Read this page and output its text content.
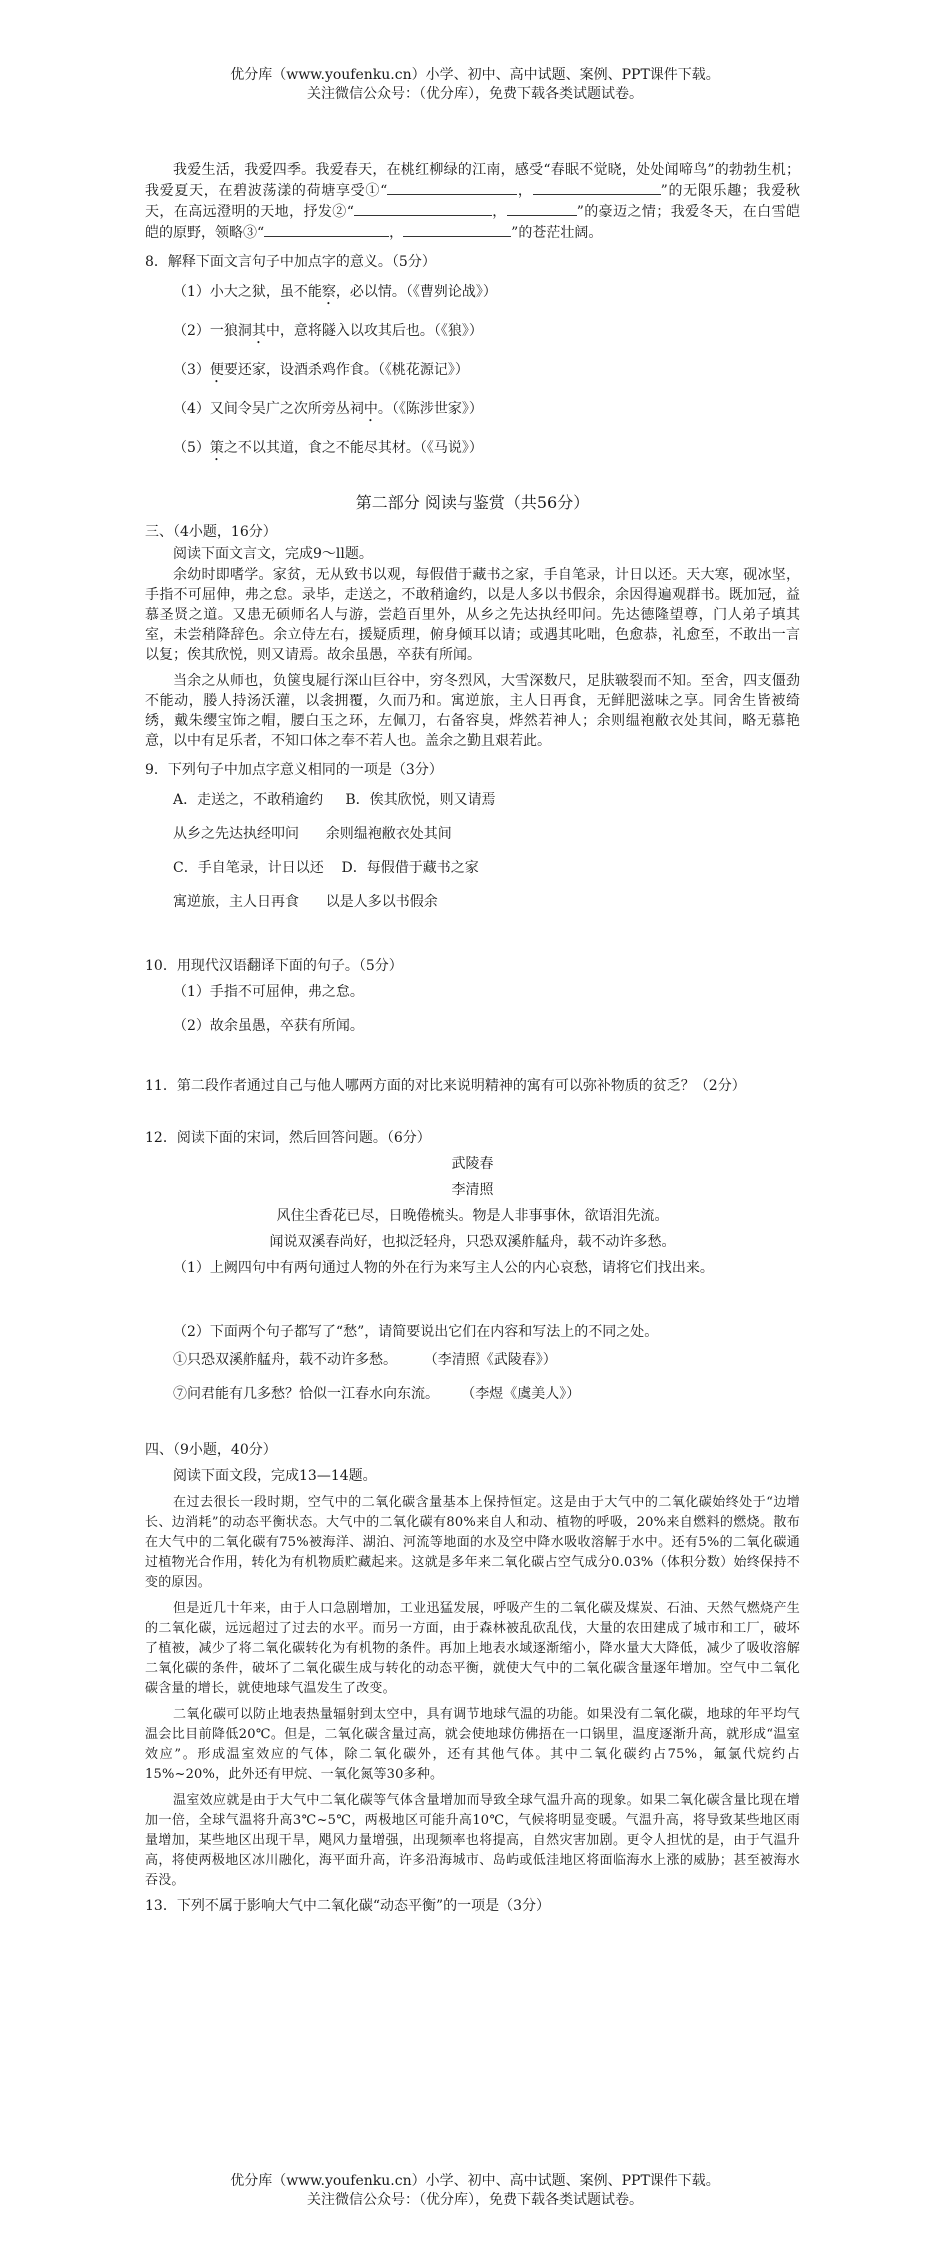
优分库（www.youfenku.cn）小学、初中、高中试题、案例、PPT课件下载。

关注微信公众号：（优分库），免费下载各类试题试卷。

我爱生活，我爱四季。我爱春天，在桃红柳绿的江南，感受“春眠不觉晓，处处闻啼鸟”的勃勃生机；我爱夏天，在碧波荡漾的荷塘享受①“	，	”的无限乐趣；我爱秋天，在高远澄明的天地，抒发②“	，	”的豪迈之情；我爱冬天，在白雪皑皑的原野，领略③“	，	”的苍茫壮阔。

8．解释下面文言句子中加点字的意义。（5分）

（1）小大之狱，虽不能察，必以情。（《曹刿论战》）

（2）一狼洞其中，意将隧入以攻其后也。（《狼》）

（3）便要还家，设酒杀鸡作食。（《桃花源记》）

（4）又间令吴广之次所旁丛祠中。（《陈涉世家》）

（5）策之不以其道，食之不能尽其材。（《马说》）

第二部分 阅读与鉴赏（共56分）

三、（4小题，16分）

阅读下面文言文，完成9～ll题。

余幼时即嗜学。家贫，无从致书以观，每假借于藏书之家，手自笔录，计日以还。天大寒，砚冰坚，手指不可屈伸，弗之怠。录毕，走送之，不敢稍逾约，以是人多以书假余，余因得遍观群书。既加冠，益慕圣贤之道。又患无硕师名人与游，尝趋百里外，从乡之先达执经叩问。先达德隆望尊，门人弟子填其室，未尝稍降辞色。余立侍左右，援疑质理，俯身倾耳以请；或遇其叱咄，色愈恭，礼愈至，不敢出一言以复；俟其欣悦，则又请焉。故余虽愚，卒获有所闻。

当余之从师也，负箧曳屣行深山巨谷中，穷冬烈风，大雪深数尺，足肤皲裂而不知。至舍，四支僵劲不能动，媵人持汤沃灌，以衾拥覆，久而乃和。寓逆旅，主人日再食，无鲜肥滋味之享。同舍生皆被绮绣，戴朱缨宝饰之帽，腰白玉之环，左佩刀，右备容臭，烨然若神人；余则缊袍敝衣处其间，略无慕艳意，以中有足乐者，不知口体之奉不若人也。盖余之勤且艰若此。

9．下列句子中加点字意义相同的一项是（3分）

A．走送之，不敢稍逾约 B．俟其欣悦，则又请焉

从乡之先达执经叩问 余则缊袍敝衣处其间

C．手自笔录，计日以还 D．每假借于藏书之家

寓逆旅，主人日再食 以是人多以书假余

10．用现代汉语翻译下面的句子。（5分）

（1）手指不可屈伸，弗之怠。

（2）故余虽愚，卒获有所闻。

11．第二段作者通过自己与他人哪两方面的对比来说明精神的寓有可以弥补物质的贫乏？（2分）

12．阅读下面的宋词，然后回答问题。（6分）

武陵春

李清照

风住尘香花已尽，日晚倦梳头。物是人非事事休，欲语泪先流。

闻说双溪春尚好，也拟泛轻舟，只恐双溪舴艋舟，载不动许多愁。

（1）上阙四句中有两句通过人物的外在行为来写主人公的内心哀愁，请将它们找出来。

（2）下面两个句子都写了“愁”，请简要说出它们在内容和写法上的不同之处。

①只恐双溪舴艋舟，载不动许多愁。 （李清照《武陵春》）

⑦问君能有几多愁？恰似一江春水向东流。 （李煜《虞美人》）

四、（9小题，40分）

阅读下面文段，完成13—14题。

在过去很长一段时期，空气中的二氧化碳含量基本上保持恒定。这是由于大气中的二氧化碳始终处于“边增长、边消耗”的动态平衡状态。大气中的二氧化碳有80%来自人和动、植物的呼吸，20%来自燃料的燃烧。散布在大气中的二氧化碳有75%被海洋、湖泊、河流等地面的水及空中降水吸收溶解于水中。还有5%的二氧化碳通过植物光合作用，转化为有机物质贮藏起来。这就是多年来二氧化碳占空气成分0.03%（体积分数）始终保持不变的原因。

但是近几十年来，由于人口急剧增加，工业迅猛发展，呼吸产生的二氧化碳及煤炭、石油、天然气燃烧产生的二氧化碳，远远超过了过去的水平。而另一方面，由于森林被乱砍乱伐，大量的农田建成了城市和工厂，破坏了植被，减少了将二氧化碳转化为有机物的条件。再加上地表水域逐渐缩小，降水量大大降低，减少了吸收溶解二氧化碳的条件，破坏了二氧化碳生成与转化的动态平衡，就使大气中的二氧化碳含量逐年增加。空气中二氧化碳含量的增长，就使地球气温发生了改变。

二氧化碳可以防止地表热量辐射到太空中，具有调节地球气温的功能。如果没有二氧化碳，地球的年平均气温会比目前降低20℃。但是，二氧化碳含量过高，就会使地球仿佛捂在一口锅里，温度逐渐升高，就形成“温室效应”。形成温室效应的气体，除二氧化碳外，还有其他气体。其中二氧化碳约占75%，氟氯代烷约占15%~20%，此外还有甲烷、一氧化氮等30多种。

温室效应就是由于大气中二氧化碳等气体含量增加而导致全球气温升高的现象。如果二氧化碳含量比现在增加一倍，全球气温将升高3℃~5℃，两极地区可能升高10℃，气候将明显变暖。气温升高，将导致某些地区雨量增加，某些地区出现干旱，飓风力量增强，出现频率也将提高，自然灾害加剧。更令人担忧的是，由于气温升高，将使两极地区冰川融化，海平面升高，许多沿海城市、岛屿或低洼地区将面临海水上涨的威胁；甚至被海水吞没。

13．下列不属于影响大气中二氧化碳“动态平衡”的一项是（3分）

优分库（www.youfenku.cn）小学、初中、高中试题、案例、PPT课件下载。

关注微信公众号：（优分库），免费下载各类试题试卷。
